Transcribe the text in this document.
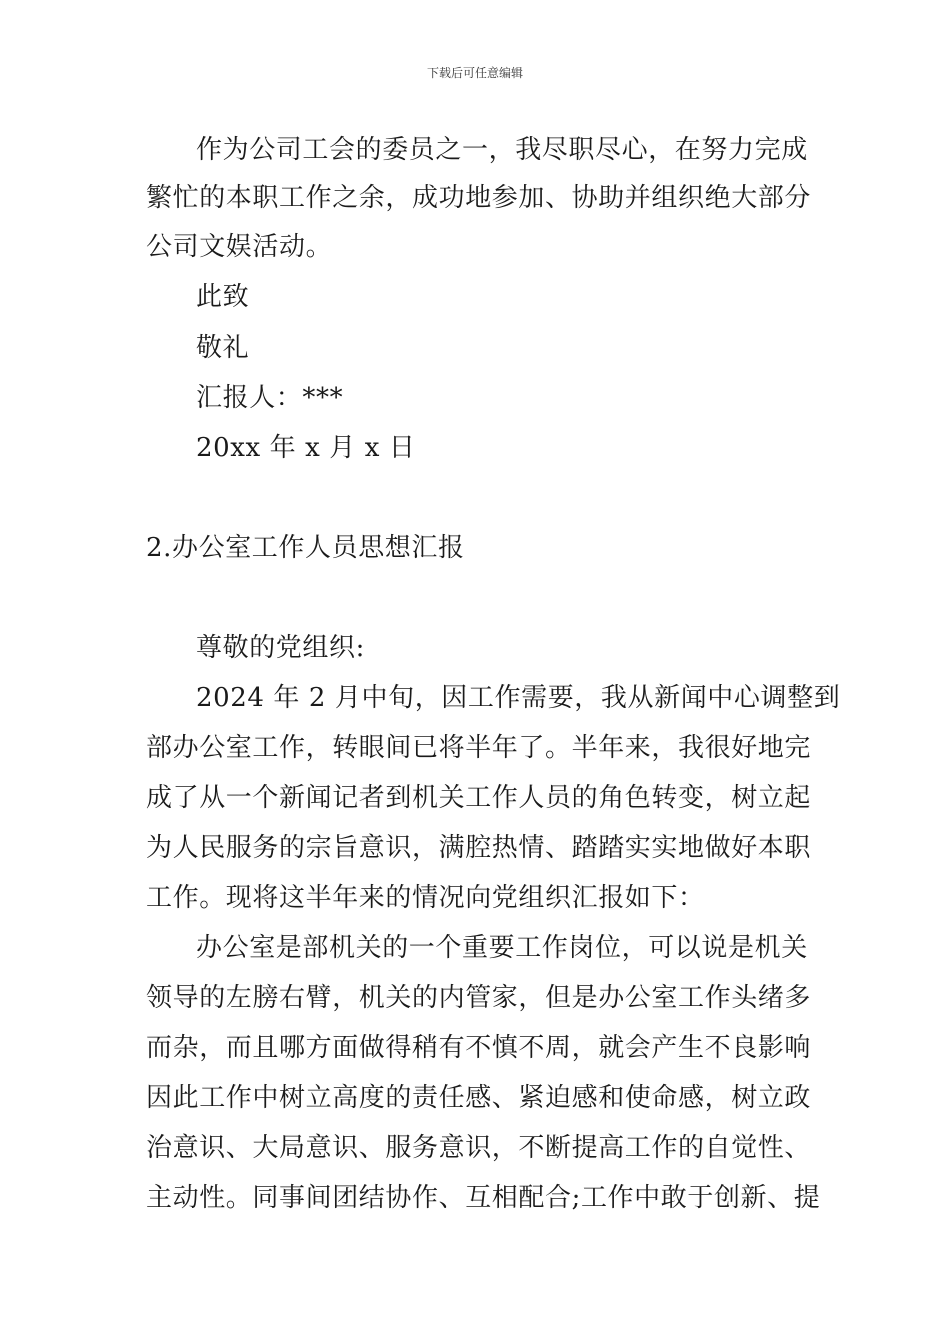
下载后可任意编辑
作为公司工会的委员之一，我尽职尽心，在努力完成
繁忙的本职工作之余，成功地参加、协助并组织绝大部分
公司文娱活动。
此致
敬礼
汇报人：***
20xx 年 x 月 x 日
2.办公室工作人员思想汇报
尊敬的党组织:
2024 年 2 月中旬，因工作需要，我从新闻中心调整到
部办公室工作，转眼间已将半年了。半年来，我很好地完
成了从一个新闻记者到机关工作人员的角色转变，树立起
为人民服务的宗旨意识，满腔热情、踏踏实实地做好本职
工作。现将这半年来的情况向党组织汇报如下：
办公室是部机关的一个重要工作岗位，可以说是机关
领导的左膀右臂，机关的内管家，但是办公室工作头绪多
而杂，而且哪方面做得稍有不慎不周，就会产生不良影响
因此工作中树立高度的责任感、紧迫感和使命感，树立政
治意识、大局意识、服务意识，不断提高工作的自觉性、
主动性。同事间团结协作、互相配合;工作中敢于创新、提
